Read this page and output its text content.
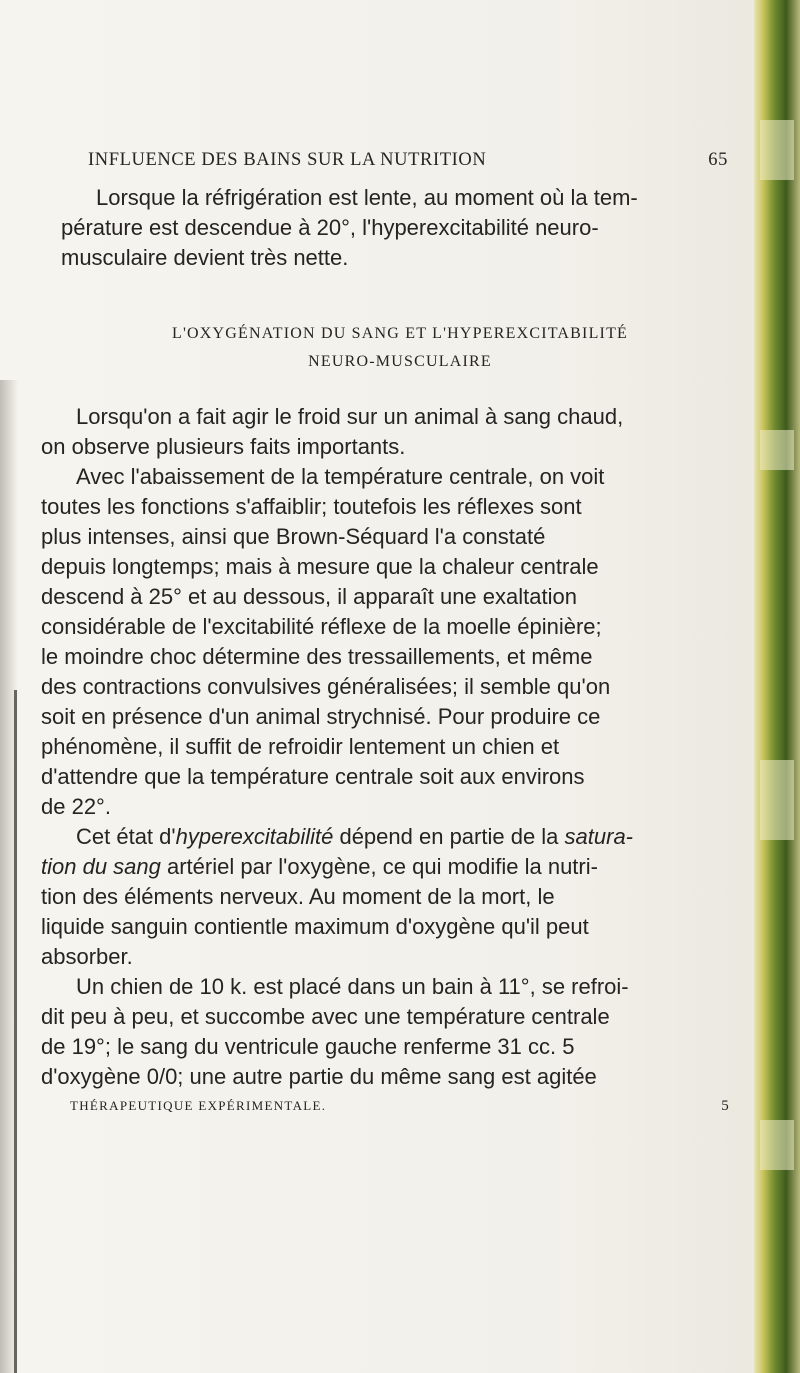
INFLUENCE DES BAINS SUR LA NUTRITION	65
Lorsque la réfrigération est lente, au moment où la tem-
pérature est descendue à 20°, l'hyperexcitabilité neuro-
musculaire devient très nette.
L'OXYGÉNATION DU SANG ET L'HYPEREXCITABILITÉ
NEURO-MUSCULAIRE
Lorsqu'on a fait agir le froid sur un animal à sang chaud,
on observe plusieurs faits importants.
Avec l'abaissement de la température centrale, on voit
toutes les fonctions s'affaiblir; toutefois les réflexes sont
plus intenses, ainsi que Brown-Séquard l'a constaté
depuis longtemps; mais à mesure que la chaleur centrale
descend à 25° et au dessous, il apparaît une exaltation
considérable de l'excitabilité réflexe de la moelle épinière;
le moindre choc détermine des tressaillements, et même
des contractions convulsives généralisées; il semble qu'on
soit en présence d'un animal strychnisé. Pour produire ce
phénomène, il suffit de refroidir lentement un chien et
d'attendre que la température centrale soit aux environs
de 22°.
Cet état d'hyperexcitabilité dépend en partie de la satura-
tion du sang artériel par l'oxygène, ce qui modifie la nutri-
tion des éléments nerveux. Au moment de la mort, le
liquide sanguin contientle maximum d'oxygène qu'il peut
absorber.
Un chien de 10 k. est placé dans un bain à 11°, se refroi-
dit peu à peu, et succombe avec une température centrale
de 19°; le sang du ventricule gauche renferme 31 cc. 5
d'oxygène 0/0; une autre partie du même sang est agitée
THÉRAPEUTIQUE EXPÉRIMENTALE.	5
